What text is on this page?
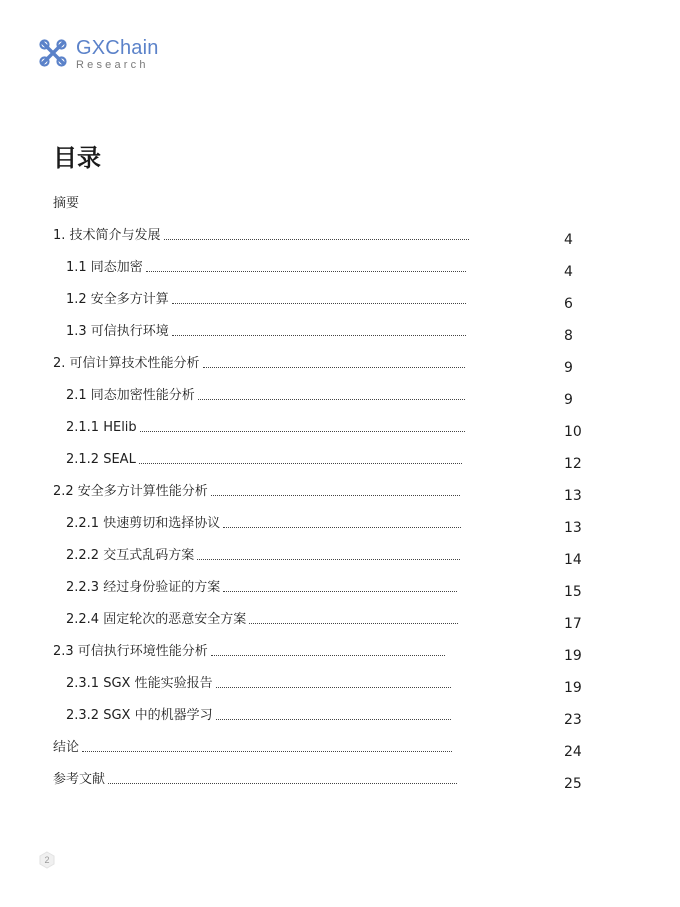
GXChain
Research
目录
摘要
1. 技术简介与发展	4
1.1 同态加密	4
1.2 安全多方计算	6
1.3 可信执行环境	8
2. 可信计算技术性能分析	9
2.1 同态加密性能分析	9
2.1.1 HElib	10
2.1.2 SEAL	12
2.2 安全多方计算性能分析	13
2.2.1 快速剪切和选择协议	13
2.2.2 交互式乱码方案	14
2.2.3 经过身份验证的方案	15
2.2.4 固定轮次的恶意安全方案	17
2.3 可信执行环境性能分析	19
2.3.1 SGX 性能实验报告	19
2.3.2 SGX 中的机器学习	23
结论	24
参考文献	25
2
